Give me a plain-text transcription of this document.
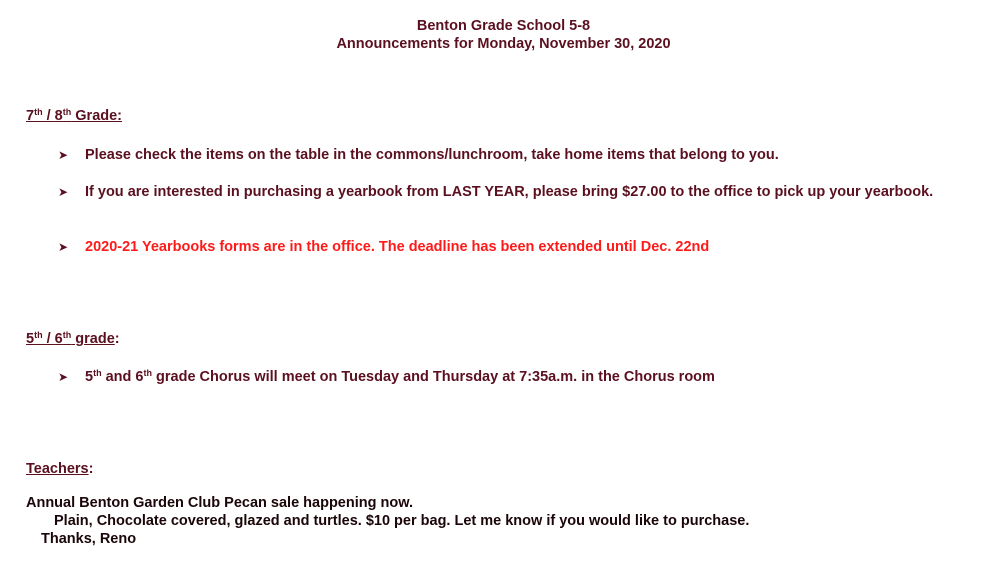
Benton Grade School 5-8
Announcements for Monday, November 30, 2020
7th / 8th Grade:
➤ Please check the items on the table in the commons/lunchroom, take home items that belong to you.
➤ If you are interested in purchasing a yearbook from LAST YEAR, please bring $27.00 to the office to pick up your yearbook.
➤ 2020-21 Yearbooks forms are in the office. The deadline has been extended until Dec. 22nd
5th / 6th grade:
➤ 5th and 6th grade Chorus will meet on Tuesday and Thursday at 7:35a.m. in the Chorus room
Teachers:
Annual Benton Garden Club Pecan sale happening now.
Plain, Chocolate covered, glazed and turtles. $10 per bag. Let me know if you would like to purchase.
Thanks, Reno
